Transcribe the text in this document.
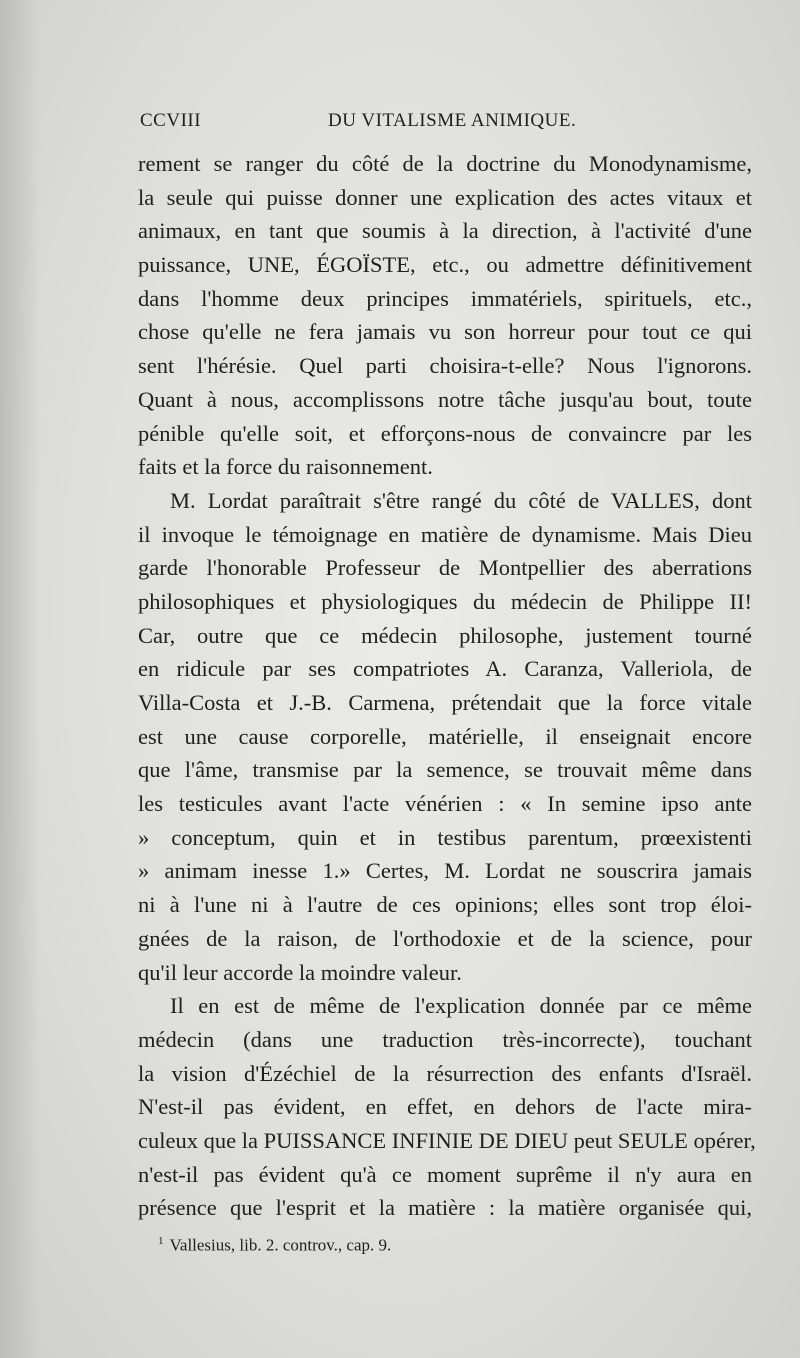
CCVIII	DU VITALISME ANIMIQUE.
rement se ranger du côté de la doctrine du Monodynamisme,
la seule qui puisse donner une explication des actes vitaux et
animaux, en tant que soumis à la direction, à l'activité d'une
puissance, UNE, ÉGOÏSTE, etc., ou admettre définitivement
dans l'homme deux principes immatériels, spirituels, etc.,
chose qu'elle ne fera jamais vu son horreur pour tout ce qui
sent l'hérésie. Quel parti choisira-t-elle? Nous l'ignorons.
Quant à nous, accomplissons notre tâche jusqu'au bout, toute
pénible qu'elle soit, et efforçons-nous de convaincre par les
faits et la force du raisonnement.
M. Lordat paraîtrait s'être rangé du côté de VALLES, dont
il invoque le témoignage en matière de dynamisme. Mais Dieu
garde l'honorable Professeur de Montpellier des aberrations
philosophiques et physiologiques du médecin de Philippe II!
Car, outre que ce médecin philosophe, justement tourné
en ridicule par ses compatriotes A. Caranza, Valleriola, de
Villa-Costa et J.-B. Carmena, prétendait que la force vitale
est une cause corporelle, matérielle, il enseignait encore
que l'âme, transmise par la semence, se trouvait même dans
les testicules avant l'acte vénérien : « In semine ipso ante
» conceptum, quin et in testibus parentum, prœexistenti
» animam inesse 1.» Certes, M. Lordat ne souscrira jamais
ni à l'une ni à l'autre de ces opinions; elles sont trop éloi-
gnées de la raison, de l'orthodoxie et de la science, pour
qu'il leur accorde la moindre valeur.
Il en est de même de l'explication donnée par ce même
médecin (dans une traduction très-incorrecte), touchant
la vision d'Ézéchiel de la résurrection des enfants d'Israël.
N'est-il pas évident, en effet, en dehors de l'acte mira-
culeux que la PUISSANCE INFINIE DE DIEU peut SEULE opérer,
n'est-il pas évident qu'à ce moment suprême il n'y aura en
présence que l'esprit et la matière : la matière organisée qui,
$^1$ Vallesius, lib. 2. controv., cap. 9.
